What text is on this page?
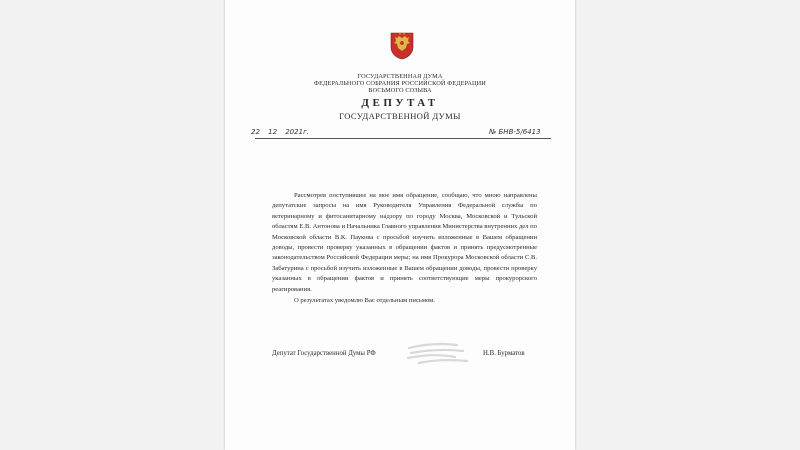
ГОСУДАРСТВЕННАЯ ДУМА
ФЕДЕРАЛЬНОГО СОБРАНИЯ РОССИЙСКОЙ ФЕДЕРАЦИИ
ВОСЬМОГО СОЗЫВА
ДЕПУТАТ
ГОСУДАРСТВЕННОЙ ДУМЫ
22 12 2021г.	№ БНВ-5/6413

Рассмотрев поступившее на мое имя обращение, сообщаю, что мною направлены депутатские запросы на имя Руководителя Управления Федеральной службы по ветеринарному и фитосанитарному надзору по городу Москва, Московской и Тульской областям Е.В. Антонова и Начальника Главного управления Министерства внутренних дел по Московской области В.К. Паукова с просьбой изучить изложенные в Вашем обращении доводы, провести проверку указанных в обращении фактов и принять предусмотренные законодательством Российской Федерации меры; на имя Прокурора Московской области С.В. Забатурина с просьбой изучить изложенные в Вашем обращении доводы, провести проверку указанных в обращении фактов и принять соответствующие меры прокурорского реагирования.

О результатах уведомлю Вас отдельным письмом.

Депутат Государственной Думы РФ	Н.В. Бурматов
